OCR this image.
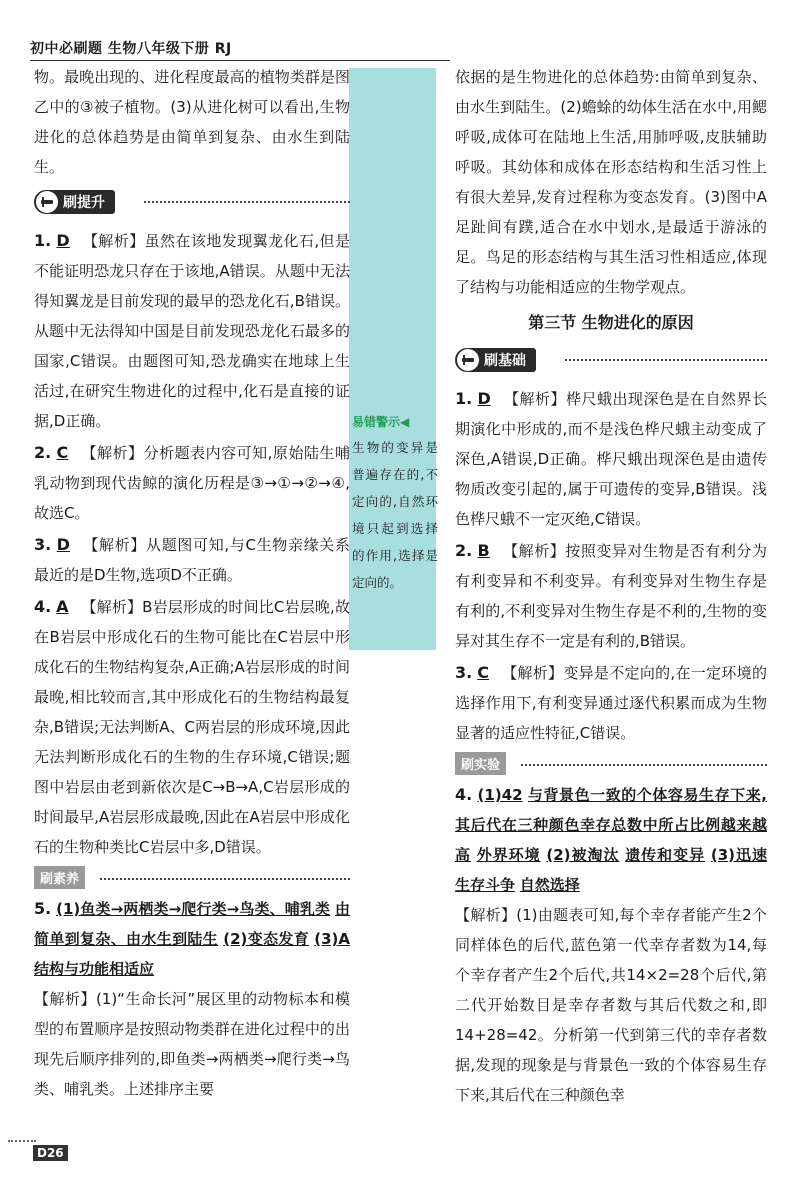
初中必刷题 生物八年级下册 RJ
易错警示◀
生物的变异是普遍存在的,不定向的,自然环境只起到选择的作用,选择是定向的。
物。最晚出现的、进化程度最高的植物类群是图乙中的③被子植物。(3)从进化树可以看出,生物进化的总体趋势是由简单到复杂、由水生到陆生。
刷提升
1. D 【解析】虽然在该地发现翼龙化石,但是不能证明恐龙只存在于该地,A错误。从题中无法得知翼龙是目前发现的最早的恐龙化石,B错误。从题中无法得知中国是目前发现恐龙化石最多的国家,C错误。由题图可知,恐龙确实在地球上生活过,在研究生物进化的过程中,化石是直接的证据,D正确。
2. C 【解析】分析题表内容可知,原始陆生哺乳动物到现代齿鲸的演化历程是③→①→②→④,故选C。
3. D 【解析】从题图可知,与C生物亲缘关系最近的是D生物,选项D不正确。
4. A 【解析】B岩层形成的时间比C岩层晚,故在B岩层中形成化石的生物可能比在C岩层中形成化石的生物结构复杂,A正确;A岩层形成的时间最晚,相比较而言,其中形成化石的生物结构最复杂,B错误;无法判断A、C两岩层的形成环境,因此无法判断形成化石的生物的生存环境,C错误;题图中岩层由老到新依次是C→B→A,C岩层形成的时间最早,A岩层形成最晚,因此在A岩层中形成化石的生物种类比C岩层中多,D错误。
刷素养
5. (1)鱼类→两栖类→爬行类→鸟类、哺乳类 由简单到复杂、由水生到陆生 (2)变态发育 (3)A 结构与功能相适应
【解析】(1)“生命长河”展区里的动物标本和模型的布置顺序是按照动物类群在进化过程中的出现先后顺序排列的,即鱼类→两栖类→爬行类→鸟类、哺乳类。上述排序主要
依据的是生物进化的总体趋势:由简单到复杂、由水生到陆生。(2)蟾蜍的幼体生活在水中,用鳃呼吸,成体可在陆地上生活,用肺呼吸,皮肤辅助呼吸。其幼体和成体在形态结构和生活习性上有很大差异,发育过程称为变态发育。(3)图中A足趾间有蹼,适合在水中划水,是最适于游泳的足。鸟足的形态结构与其生活习性相适应,体现了结构与功能相适应的生物学观点。
第三节 生物进化的原因
刷基础
1. D 【解析】桦尺蛾出现深色是在自然界长期演化中形成的,而不是浅色桦尺蛾主动变成了深色,A错误,D正确。桦尺蛾出现深色是由遗传物质改变引起的,属于可遗传的变异,B错误。浅色桦尺蛾不一定灭绝,C错误。
2. B 【解析】按照变异对生物是否有利分为有利变异和不利变异。有利变异对生物生存是有利的,不利变异对生物生存是不利的,生物的变异对其生存不一定是有利的,B错误。
3. C 【解析】变异是不定向的,在一定环境的选择作用下,有利变异通过逐代积累而成为生物显著的适应性特征,C错误。
刷实验
4. (1)42 与背景色一致的个体容易生存下来,其后代在三种颜色幸存总数中所占比例越来越高 外界环境 (2)被淘汰 遗传和变异 (3)迅速 生存斗争 自然选择
【解析】(1)由题表可知,每个幸存者能产生2个同样体色的后代,蓝色第一代幸存者数为14,每个幸存者产生2个后代,共14×2=28个后代,第二代开始数目是幸存者数与其后代数之和,即14+28=42。分析第一代到第三代的幸存者数据,发现的现象是与背景色一致的个体容易生存下来,其后代在三种颜色幸
D26
